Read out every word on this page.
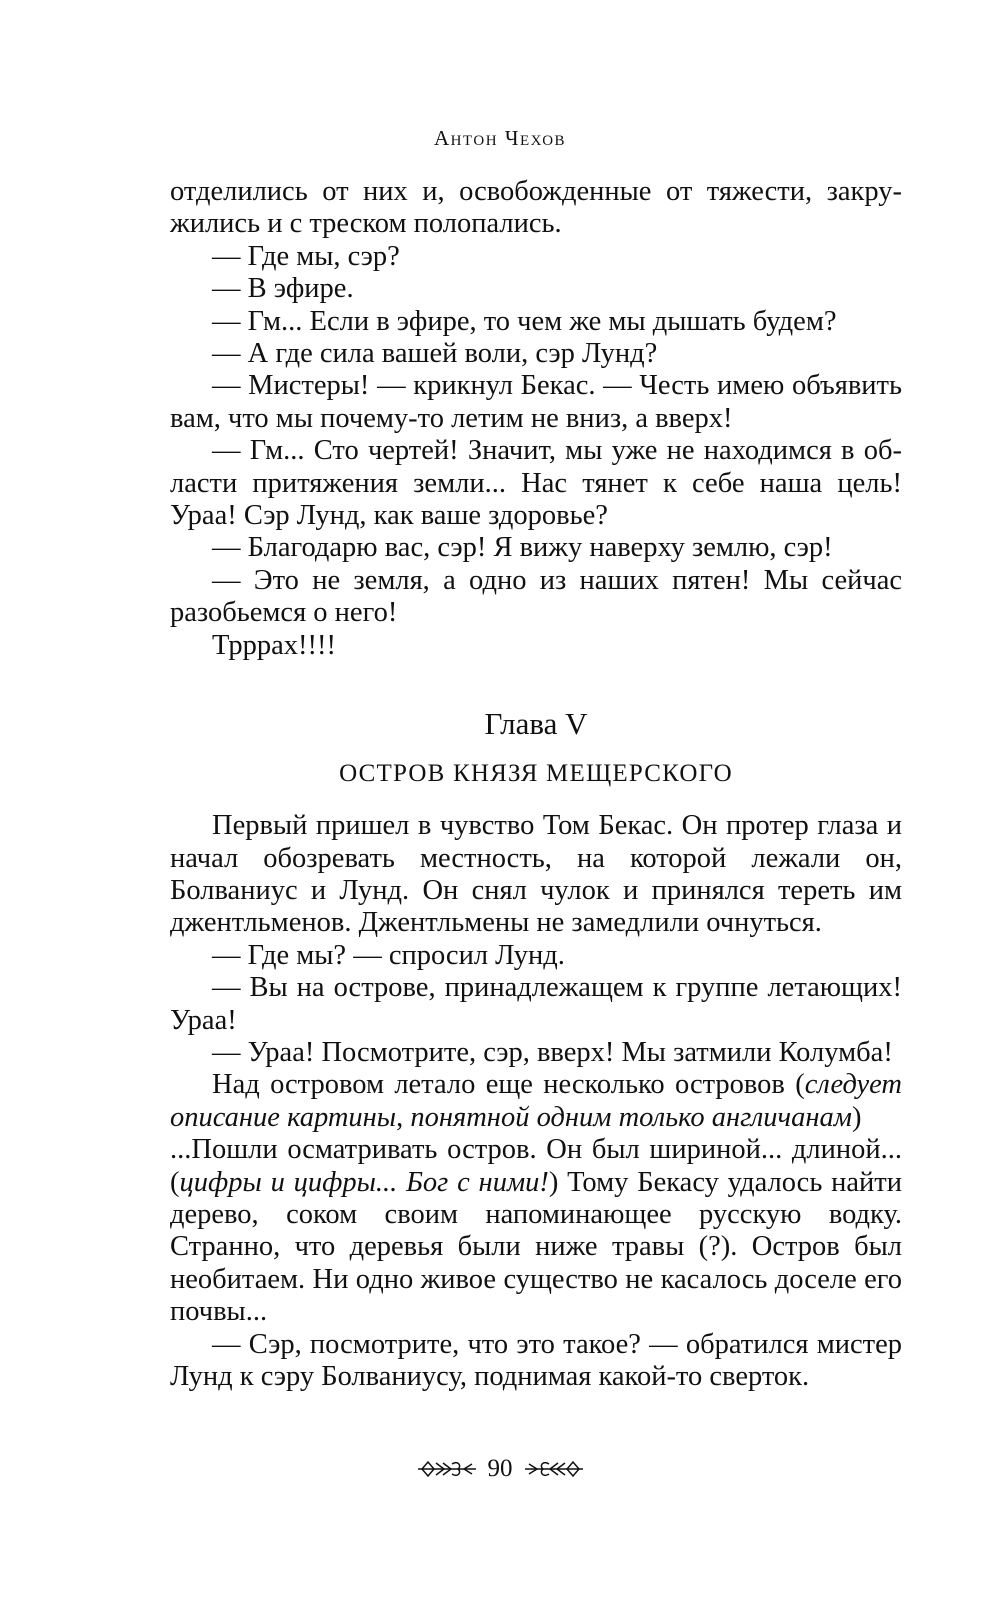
Антон Чехов

отделились от них и, освобожденные от тяжести, закружились и с треском полопались.

— Где мы, сэр?

— В эфире.

— Гм... Если в эфире, то чем же мы дышать будем?

— А где сила вашей воли, сэр Лунд?

— Мистеры! — крикнул Бекас. — Честь имею объявить вам, что мы почему-то летим не вниз, а вверх!

— Гм... Сто чертей! Значит, мы уже не находимся в области притяжения земли... Нас тянет к себе наша цель! Ураа! Сэр Лунд, как ваше здоровье?

— Благодарю вас, сэр! Я вижу наверху землю, сэр!

— Это не земля, а одно из наших пятен! Мы сейчас разобьемся о него!

Трррах!!!!

Глава V
ОСТРОВ КНЯЗЯ МЕЩЕРСКОГО

Первый пришел в чувство Том Бекас. Он протер глаза и начал обозревать местность, на которой лежали он, Болваниус и Лунд. Он снял чулок и принялся тереть им джентльменов. Джентльмены не замедлили очнуться.

— Где мы? — спросил Лунд.

— Вы на острове, принадлежащем к группе летающих! Ураа!

— Ураа! Посмотрите, сэр, вверх! Мы затмили Колумба!

Над островом летало еще несколько островов (следует описание картины, понятной одним только англичанам)

...Пошли осматривать остров. Он был шириной... длиной... (цифры и цифры... Бог с ними!) Тому Бекасу удалось найти дерево, соком своим напоминающее русскую водку. Странно, что деревья были ниже травы (?). Остров был необитаем. Ни одно живое существо не касалось доселе его почвы...

— Сэр, посмотрите, что это такое? — обратился мистер Лунд к сэру Болваниусу, поднимая какой-то сверток.

90
